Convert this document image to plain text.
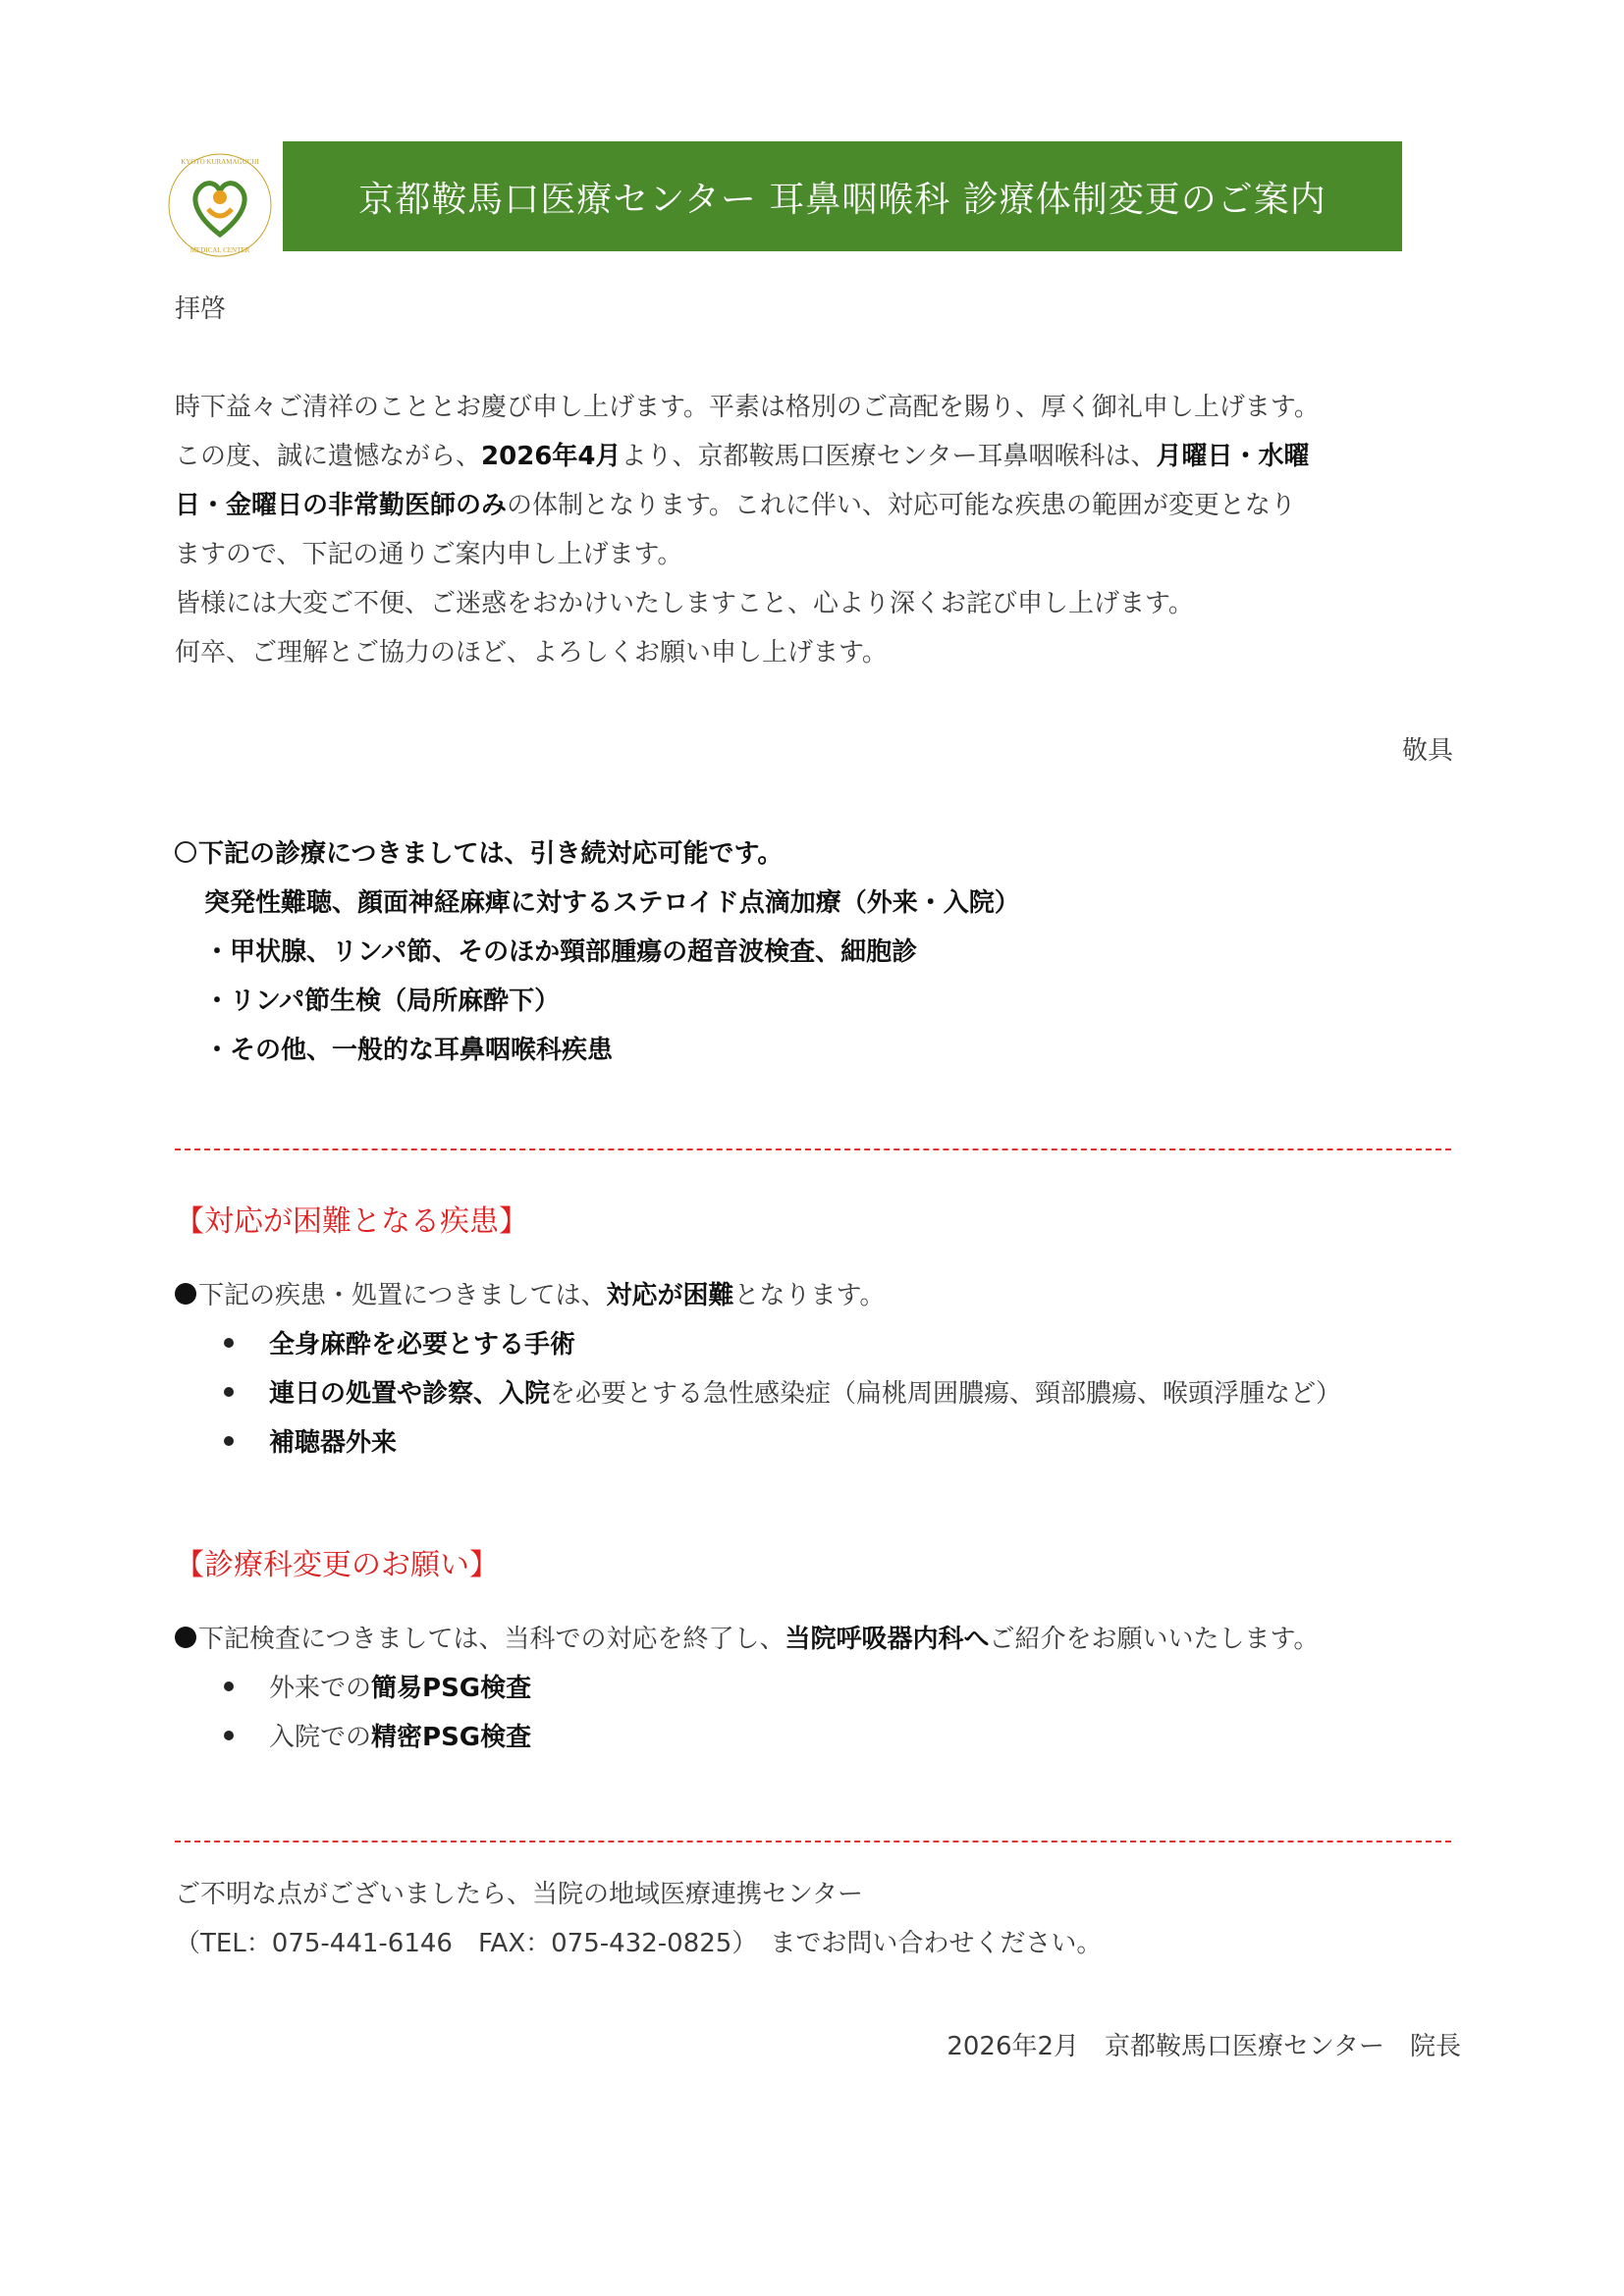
KYOTO KURAMAGUCHI
MEDICAL CENTER
京都鞍馬口医療センター 耳鼻咽喉科 診療体制変更のご案内
拝啓
時下益々ご清祥のこととお慶び申し上げます。平素は格別のご高配を賜り、厚く御礼申し上げます。
この度、誠に遺憾ながら、2026年4月より、京都鞍馬口医療センター耳鼻咽喉科は、月曜日・水曜
日・金曜日の非常勤医師のみの体制となります。これに伴い、対応可能な疾患の範囲が変更となり
ますので、下記の通りご案内申し上げます。
皆様には大変ご不便、ご迷惑をおかけいたしますこと、心より深くお詫び申し上げます。
何卒、ご理解とご協力のほど、よろしくお願い申し上げます。
敬具
下記の診療につきましては、引き続対応可能です。
突発性難聴、顔面神経麻痺に対するステロイド点滴加療（外来・入院）
・甲状腺、リンパ節、そのほか頸部腫瘍の超音波検査、細胞診
・リンパ節生検（局所麻酔下）
・その他、一般的な耳鼻咽喉科疾患
【対応が困難となる疾患】
下記の疾患・処置につきましては、対応が困難となります。
全身麻酔を必要とする手術
連日の処置や診察、入院を必要とする急性感染症（扁桃周囲膿瘍、頸部膿瘍、喉頭浮腫など）
補聴器外来
【診療科変更のお願い】
下記検査につきましては、当科での対応を終了し、当院呼吸器内科へご紹介をお願いいたします。
外来での簡易PSG検査
入院での精密PSG検査
ご不明な点がございましたら、当院の地域医療連携センター
（TEL：075-441-6146　FAX：075-432-0825）　までお問い合わせください。
2026年2月　京都鞍馬口医療センター　院長
